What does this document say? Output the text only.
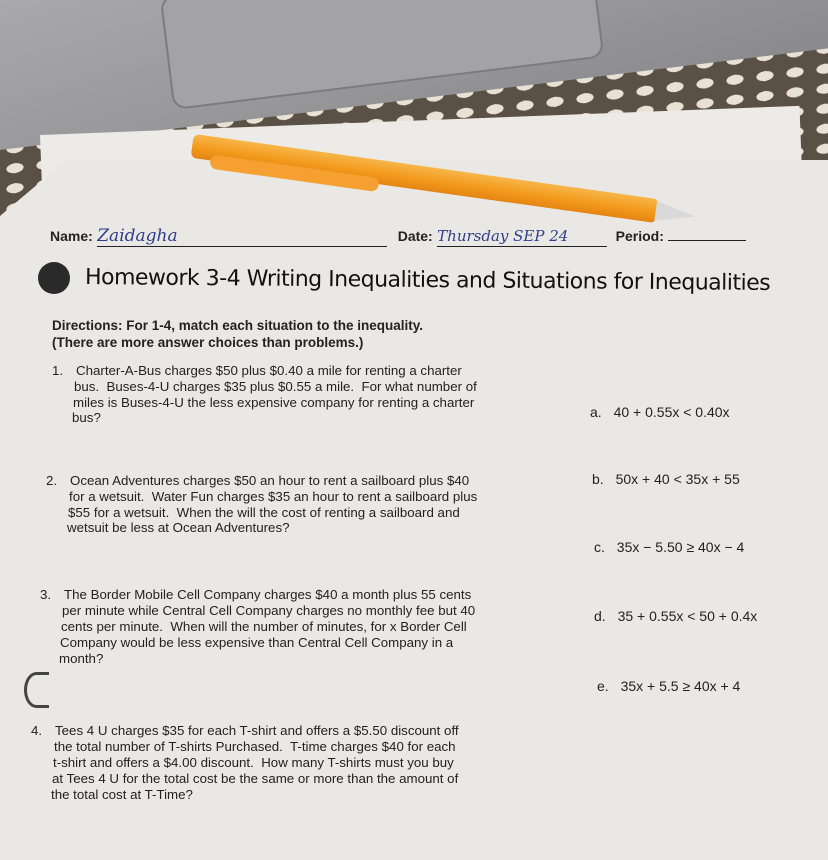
Name: Zaidagha	Date: Thursday SEP 24	Period:
Homework 3-4 Writing Inequalities and Situations for Inequalities
Directions: For 1-4, match each situation to the inequality.
(There are more answer choices than problems.)
1. Charter-A-Bus charges $50 plus $0.40 a mile for renting a charter
bus.  Buses-4-U charges $35 plus $0.55 a mile.  For what number of
miles is Buses-4-U the less expensive company for renting a charter
bus?
2. Ocean Adventures charges $50 an hour to rent a sailboard plus $40
for a wetsuit.  Water Fun charges $35 an hour to rent a sailboard plus
$55 for a wetsuit.  When the will the cost of renting a sailboard and
wetsuit be less at Ocean Adventures?
3. The Border Mobile Cell Company charges $40 a month plus 55 cents
per minute while Central Cell Company charges no monthly fee but 40
cents per minute.  When will the number of minutes, for x Border Cell
Company would be less expensive than Central Cell Company in a
month?
4. Tees 4 U charges $35 for each T-shirt and offers a $5.50 discount off
the total number of T-shirts Purchased.  T-time charges $40 for each
t-shirt and offers a $4.00 discount.  How many T-shirts must you buy
at Tees 4 U for the total cost be the same or more than the amount of
the total cost at T-Time?
a. 40 + 0.55x < 0.40x
b. 50x + 40 < 35x + 55
c. 35x − 5.50 ≥ 40x − 4
d. 35 + 0.55x < 50 + 0.4x
e. 35x + 5.5 ≥ 40x + 4
